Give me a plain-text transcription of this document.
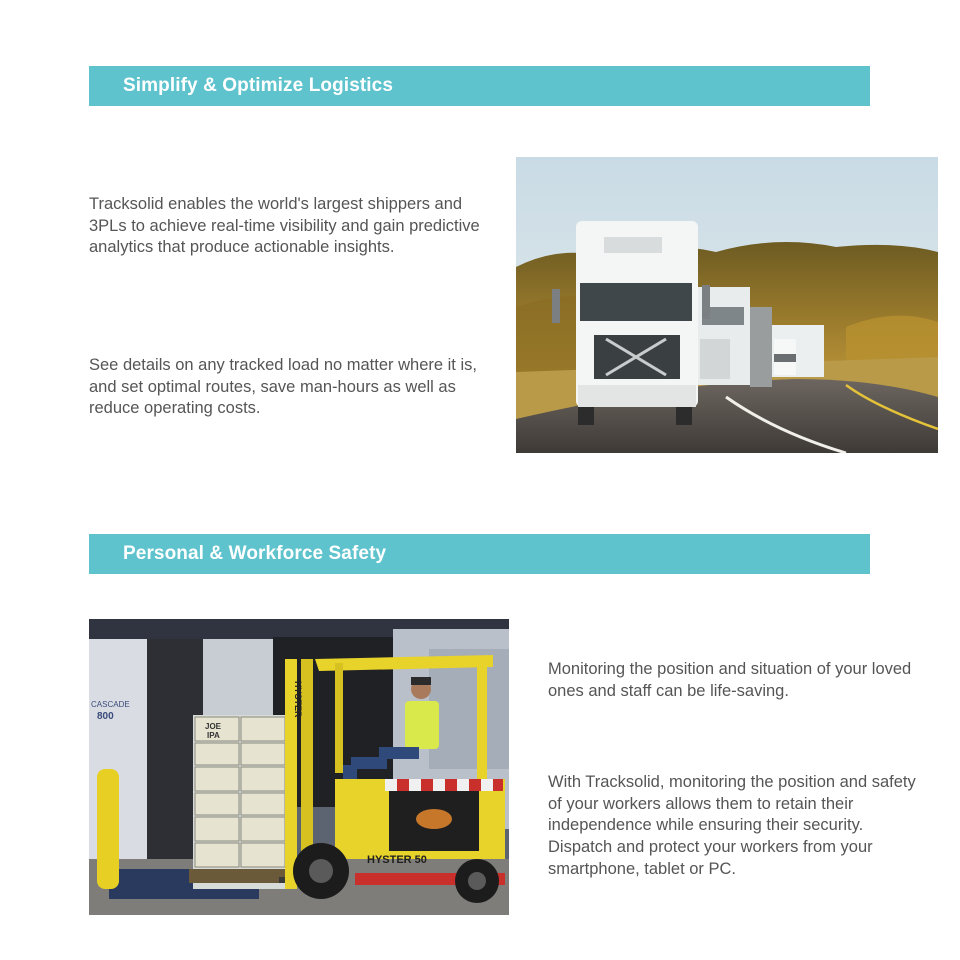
Simplify & Optimize Logistics

Tracksolid enables the world's largest shippers and 3PLs to achieve real-time visibility and gain predictive analytics that produce actionable insights.

See details on any tracked load no matter where it is, and set optimal routes, save man-hours as well as reduce operating costs.

Personal & Workforce Safety
CASCADE
800
JOE
IPA
HYSTER
HYSTER 50

Monitoring the position and situation of your loved ones and staff can be life-saving.

With Tracksolid, monitoring the position and safety of your workers allows them to retain their independence while ensuring their security. Dispatch and protect your workers from your smartphone, tablet or PC.
